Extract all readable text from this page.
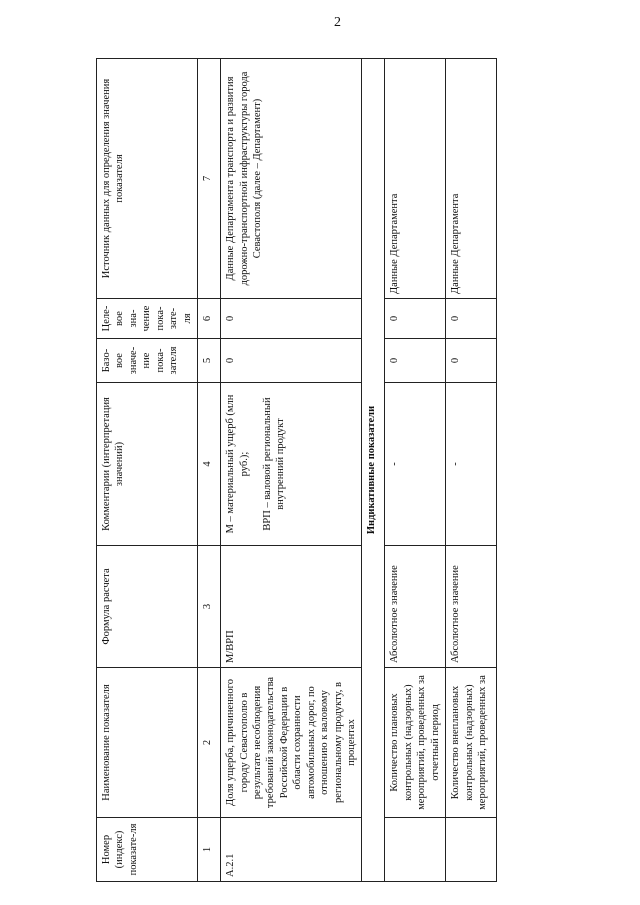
2
Номер (индекс) показате-ля	Наименование показателя	Формула расчета	Комментарии (интерпретация значений)	Базо-вое значе-ние пока-зателя	Целе-вое зна-чение пока-зате-ля	Источник данных для определения значения показателя
1	2	3	4	5	6	7
А.2.1	Доля ущерба, причиненного городу Севастополю в результате несоблюдения требований законодательства Российской Федерации в области сохранности автомобильных дорог, по отношению к валовому региональному продукту, в процентах	М/ВРП	М – материальный ущерб (млн руб.); ВРП – валовой региональный внутренний продукт	0	0	Данные Департамента транспорта и развития дорожно-транспортной инфраструктуры города Севастополя (далее – Департамент)
Индикативные показатели						
	Количество плановых контрольных (надзорных) мероприятий, проведенных за отчетный период	Абсолютное значение	-	0	0	Данные Департамента
	Количество внеплановых контрольных (надзорных) мероприятий, проведенных за	Абсолютное значение	-	0	0	Данные Департамента
